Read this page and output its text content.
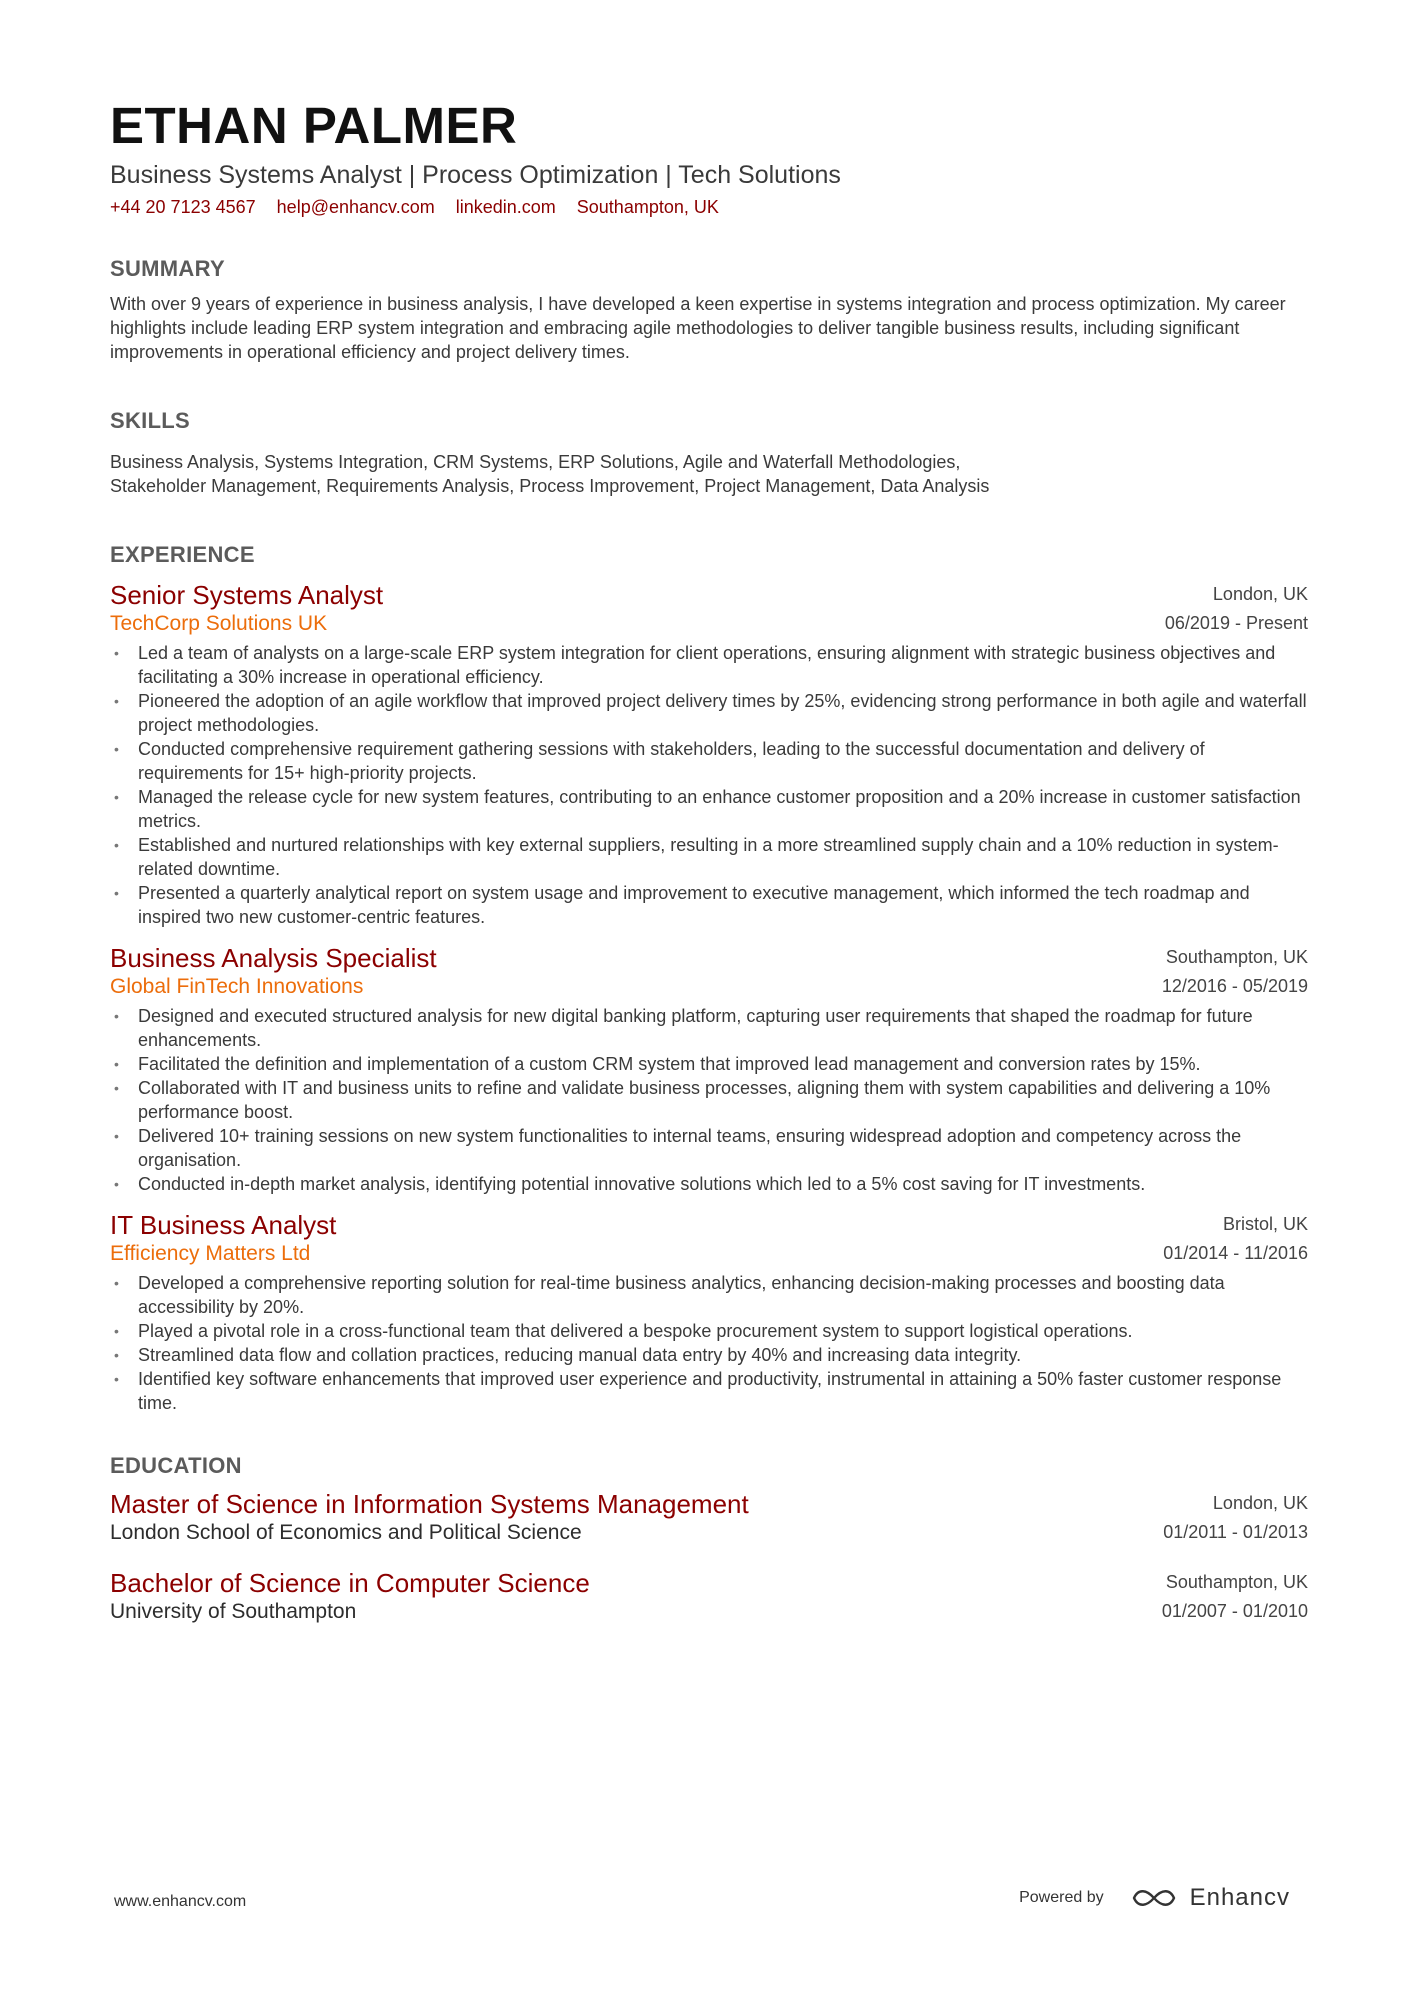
ETHAN PALMER
Business Systems Analyst | Process Optimization | Tech Solutions
+44 20 7123 4567 help@enhancv.com linkedin.com Southampton, UK
SUMMARY
With over 9 years of experience in business analysis, I have developed a keen expertise in systems integration and process optimization. My career highlights include leading ERP system integration and embracing agile methodologies to deliver tangible business results, including significant improvements in operational efficiency and project delivery times.
SKILLS
Business Analysis, Systems Integration, CRM Systems, ERP Solutions, Agile and Waterfall Methodologies,
Stakeholder Management, Requirements Analysis, Process Improvement, Project Management, Data Analysis
EXPERIENCE
Senior Systems Analyst
TechCorp Solutions UK
London, UK
06/2019 - Present
• Led a team of analysts on a large-scale ERP system integration for client operations, ensuring alignment with strategic business objectives and facilitating a 30% increase in operational efficiency.
• Pioneered the adoption of an agile workflow that improved project delivery times by 25%, evidencing strong performance in both agile and waterfall project methodologies.
• Conducted comprehensive requirement gathering sessions with stakeholders, leading to the successful documentation and delivery of requirements for 15+ high-priority projects.
• Managed the release cycle for new system features, contributing to an enhance customer proposition and a 20% increase in customer satisfaction metrics.
• Established and nurtured relationships with key external suppliers, resulting in a more streamlined supply chain and a 10% reduction in system-related downtime.
• Presented a quarterly analytical report on system usage and improvement to executive management, which informed the tech roadmap and inspired two new customer-centric features.
Business Analysis Specialist
Global FinTech Innovations
Southampton, UK
12/2016 - 05/2019
• Designed and executed structured analysis for new digital banking platform, capturing user requirements that shaped the roadmap for future enhancements.
• Facilitated the definition and implementation of a custom CRM system that improved lead management and conversion rates by 15%.
• Collaborated with IT and business units to refine and validate business processes, aligning them with system capabilities and delivering a 10% performance boost.
• Delivered 10+ training sessions on new system functionalities to internal teams, ensuring widespread adoption and competency across the organisation.
• Conducted in-depth market analysis, identifying potential innovative solutions which led to a 5% cost saving for IT investments.
IT Business Analyst
Efficiency Matters Ltd
Bristol, UK
01/2014 - 11/2016
• Developed a comprehensive reporting solution for real-time business analytics, enhancing decision-making processes and boosting data accessibility by 20%.
• Played a pivotal role in a cross-functional team that delivered a bespoke procurement system to support logistical operations.
• Streamlined data flow and collation practices, reducing manual data entry by 40% and increasing data integrity.
• Identified key software enhancements that improved user experience and productivity, instrumental in attaining a 50% faster customer response time.
EDUCATION
Master of Science in Information Systems Management
London School of Economics and Political Science
London, UK
01/2011 - 01/2013
Bachelor of Science in Computer Science
University of Southampton
Southampton, UK
01/2007 - 01/2010
www.enhancv.com	Powered by	Enhancv
